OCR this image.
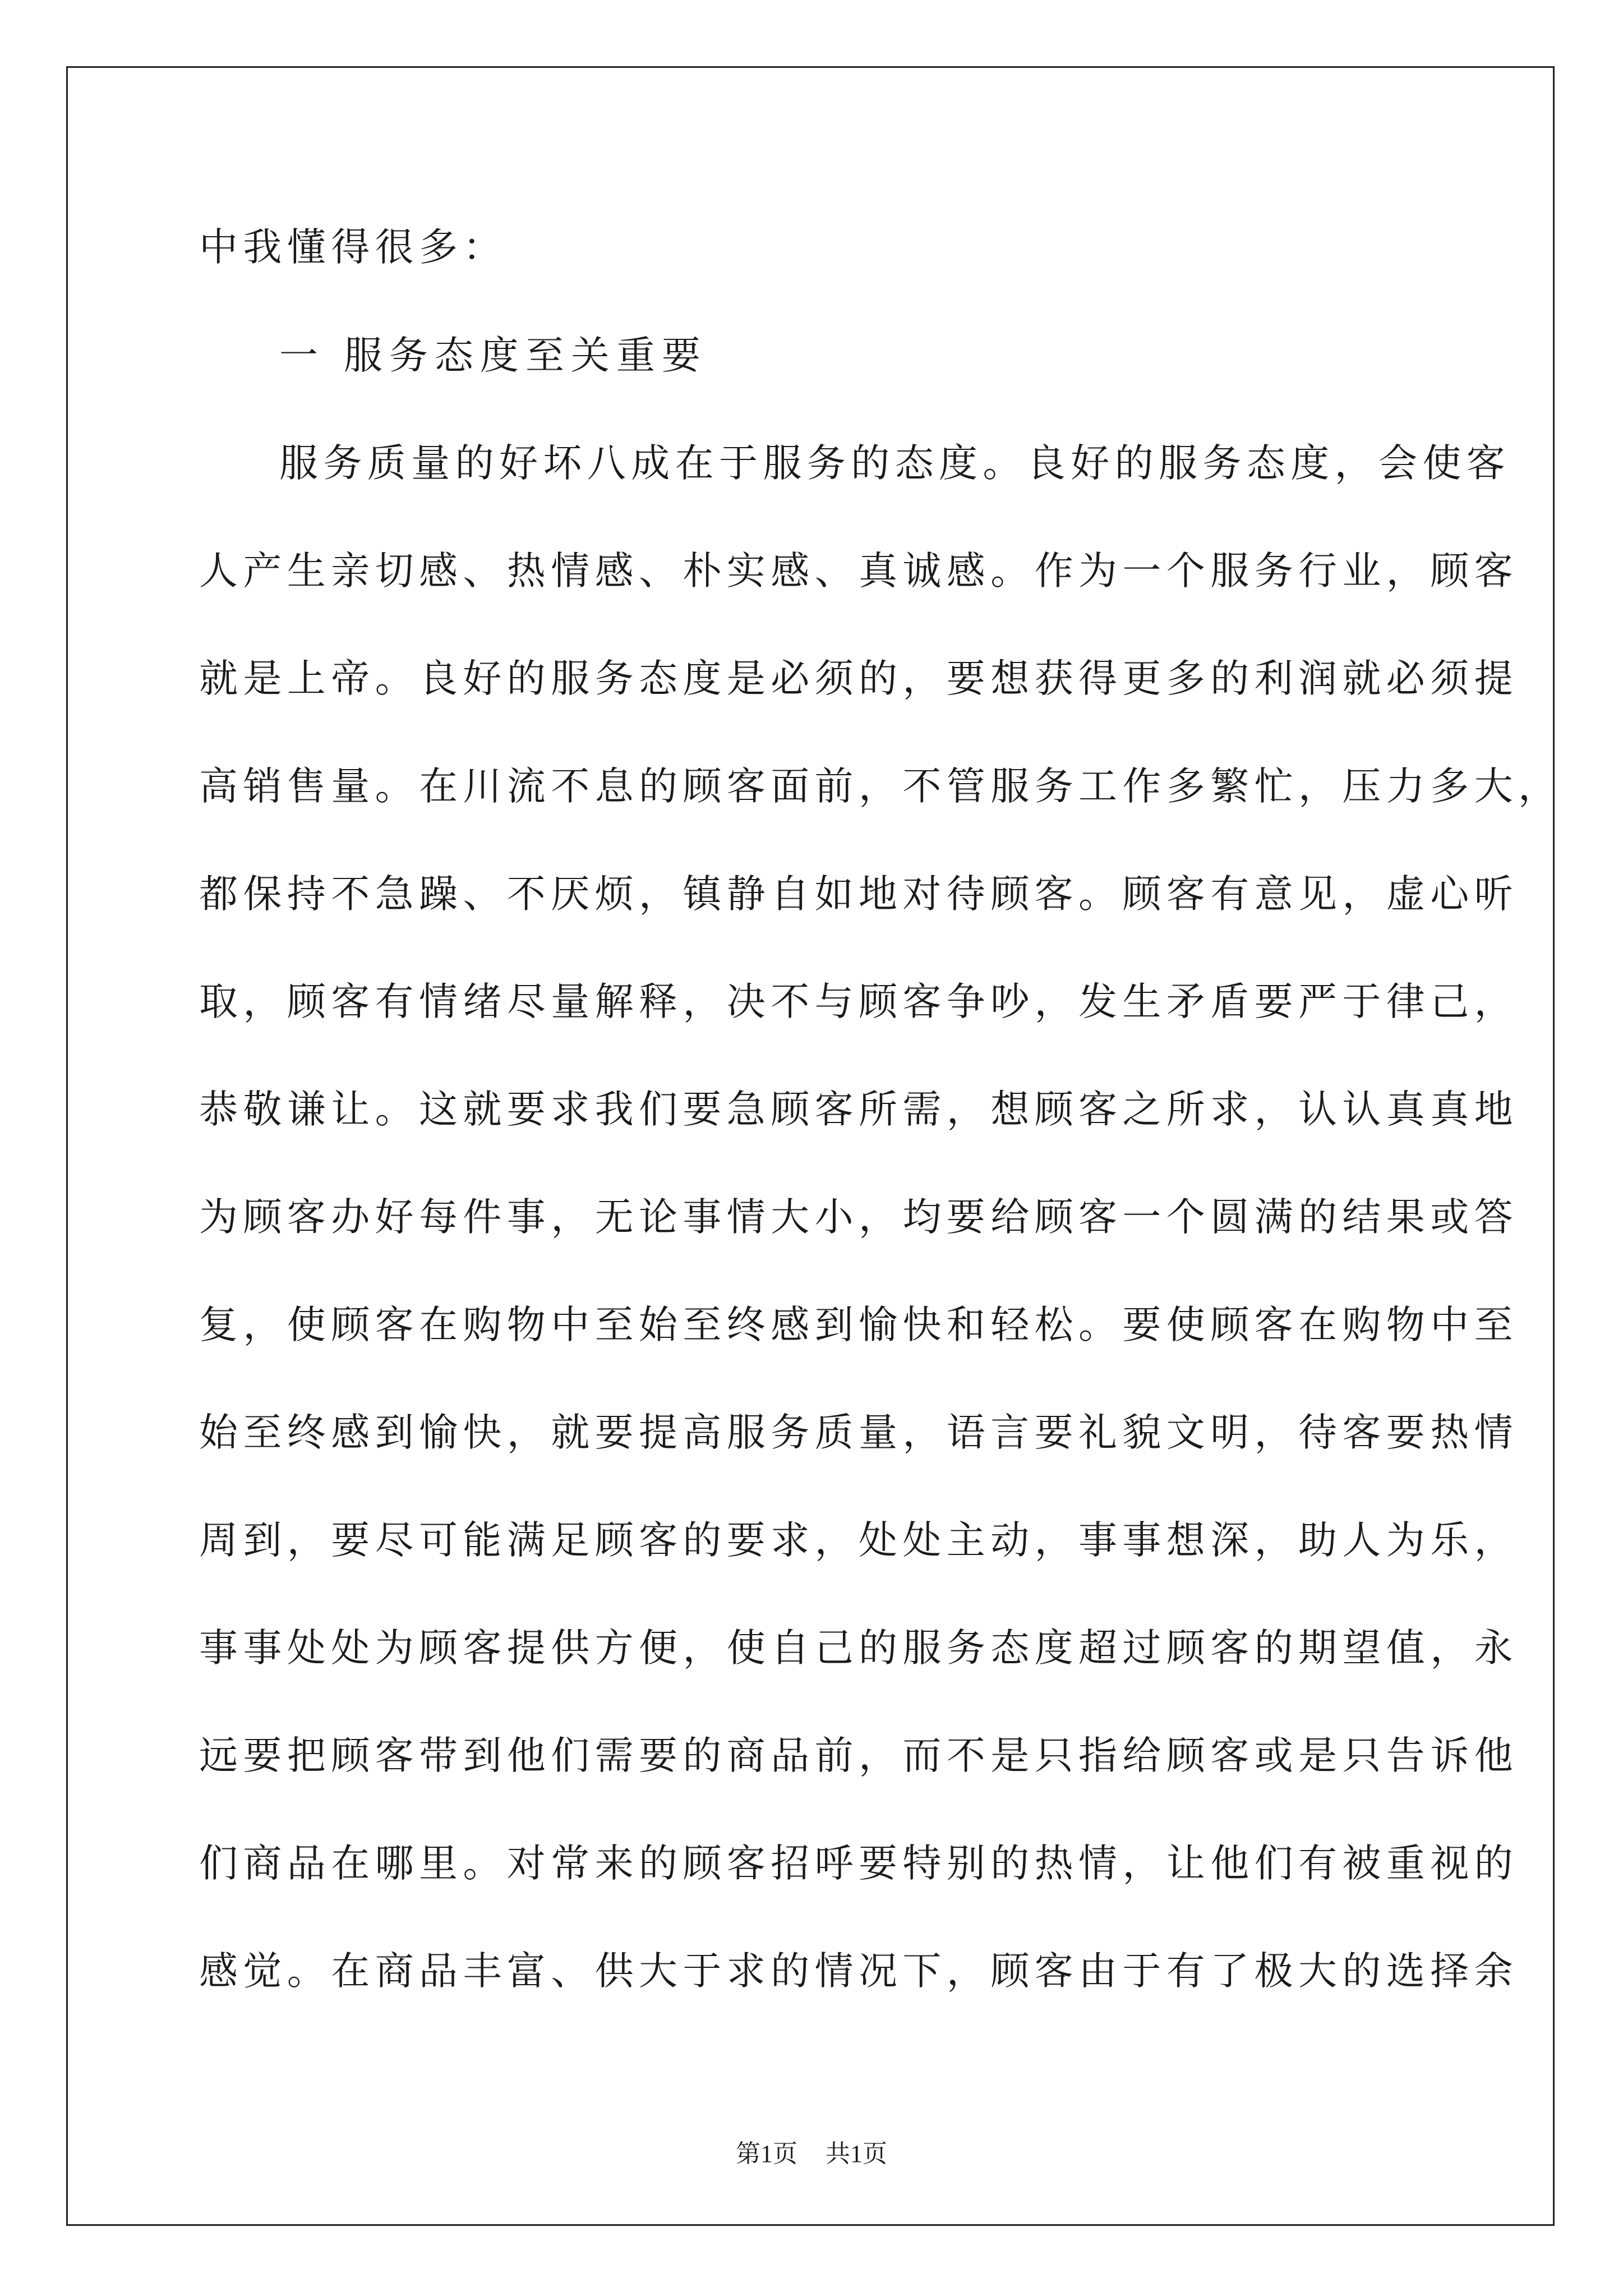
中我懂得很多：
一 服务态度至关重要
服务质量的好坏八成在于服务的态度。良好的服务态度，会使客
人产生亲切感、热情感、朴实感、真诚感。作为一个服务行业，顾客
就是上帝。良好的服务态度是必须的，要想获得更多的利润就必须提
高销售量。在川流不息的顾客面前，不管服务工作多繁忙，压力多大，
都保持不急躁、不厌烦，镇静自如地对待顾客。顾客有意见，虚心听
取，顾客有情绪尽量解释，决不与顾客争吵，发生矛盾要严于律己，
恭敬谦让。这就要求我们要急顾客所需，想顾客之所求，认认真真地
为顾客办好每件事，无论事情大小，均要给顾客一个圆满的结果或答
复，使顾客在购物中至始至终感到愉快和轻松。要使顾客在购物中至
始至终感到愉快，就要提高服务质量，语言要礼貌文明，待客要热情
周到，要尽可能满足顾客的要求，处处主动，事事想深，助人为乐，
事事处处为顾客提供方便，使自己的服务态度超过顾客的期望值，永
远要把顾客带到他们需要的商品前，而不是只指给顾客或是只告诉他
们商品在哪里。对常来的顾客招呼要特别的热情，让他们有被重视的
感觉。在商品丰富、供大于求的情况下，顾客由于有了极大的选择余
第1页 共1页
